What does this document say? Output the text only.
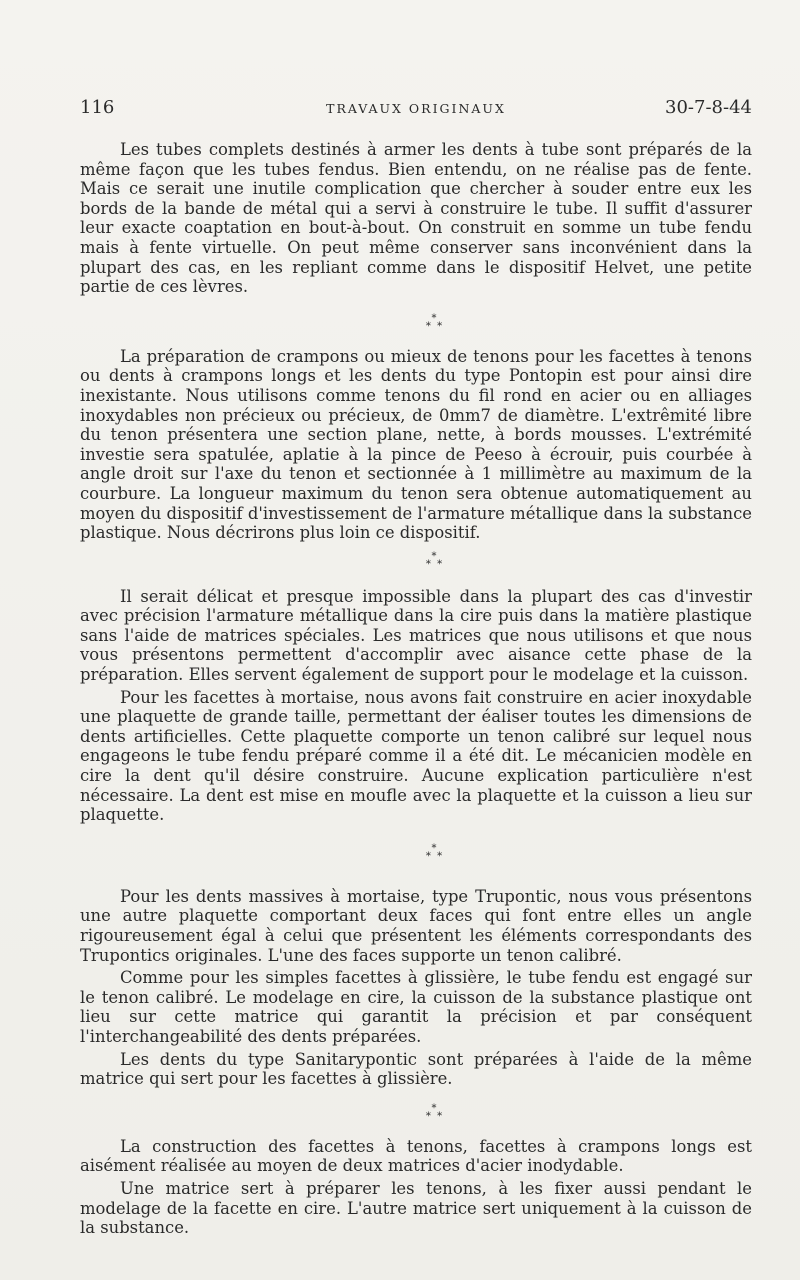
116	TRAVAUX ORIGINAUX	30-7-8-44

Les tubes complets destinés à armer les dents à tube sont préparés de la même façon que les tubes fendus. Bien entendu, on ne réalise pas de fente. Mais ce serait une inutile complication que chercher à souder entre eux les bords de la bande de métal qui a servi à construire le tube. Il suffit d'assurer leur exacte coaptation en bout-à-bout. On construit en somme un tube fendu mais à fente virtuelle. On peut même conserver sans inconvénient dans la plupart des cas, en les repliant comme dans le dispositif Helvet, une petite partie de ces lèvres.

*
*  *

La préparation de crampons ou mieux de tenons pour les facettes à tenons ou dents à crampons longs et les dents du type Pontopin est pour ainsi dire inexistante. Nous utilisons comme tenons du fil rond en acier ou en alliages inoxydables non précieux ou précieux, de 0mm7 de diamètre. L'extrêmité libre du tenon présentera une section plane, nette, à bords mousses. L'extrémité investie sera spatulée, aplatie à la pince de Peeso à écrouir, puis courbée à angle droit sur l'axe du tenon et sectionnée à 1 millimètre au maximum de la courbure. La longueur maximum du tenon sera obtenue automatiquement au moyen du dispositif d'investissement de l'armature métallique dans la substance plastique. Nous décrirons plus loin ce dispositif.

*
*  *

Il serait délicat et presque impossible dans la plupart des cas d'investir avec précision l'armature métallique dans la cire puis dans la matière plastique sans l'aide de matrices spéciales. Les matrices que nous utilisons et que nous vous présentons permettent d'accomplir avec aisance cette phase de la préparation. Elles servent également de support pour le modelage et la cuisson.

Pour les facettes à mortaise, nous avons fait construire en acier inoxydable une plaquette de grande taille, permettant der éaliser toutes les dimensions de dents artificielles. Cette plaquette comporte un tenon calibré sur lequel nous engageons le tube fendu préparé comme il a été dit. Le mécanicien modèle en cire la dent qu'il désire construire. Aucune explication particulière n'est nécessaire. La dent est mise en moufle avec la plaquette et la cuisson a lieu sur plaquette.

*
*  *

Pour les dents massives à mortaise, type Trupontic, nous vous présentons une autre plaquette comportant deux faces qui font entre elles un angle rigoureusement égal à celui que présentent les éléments correspondants des Trupontics originales. L'une des faces supporte un tenon calibré.

Comme pour les simples facettes à glissière, le tube fendu est engagé sur le tenon calibré. Le modelage en cire, la cuisson de la substance plastique ont lieu sur cette matrice qui garantit la précision et par conséquent l'interchangeabilité des dents préparées.

Les dents du type Sanitarypontic sont préparées à l'aide de la même matrice qui sert pour les facettes à glissière.

*
*  *

La construction des facettes à tenons, facettes à crampons longs est aisément réalisée au moyen de deux matrices d'acier inodydable.

Une matrice sert à préparer les tenons, à les fixer aussi pendant le modelage de la facette en cire. L'autre matrice sert uniquement à la cuisson de la substance.
